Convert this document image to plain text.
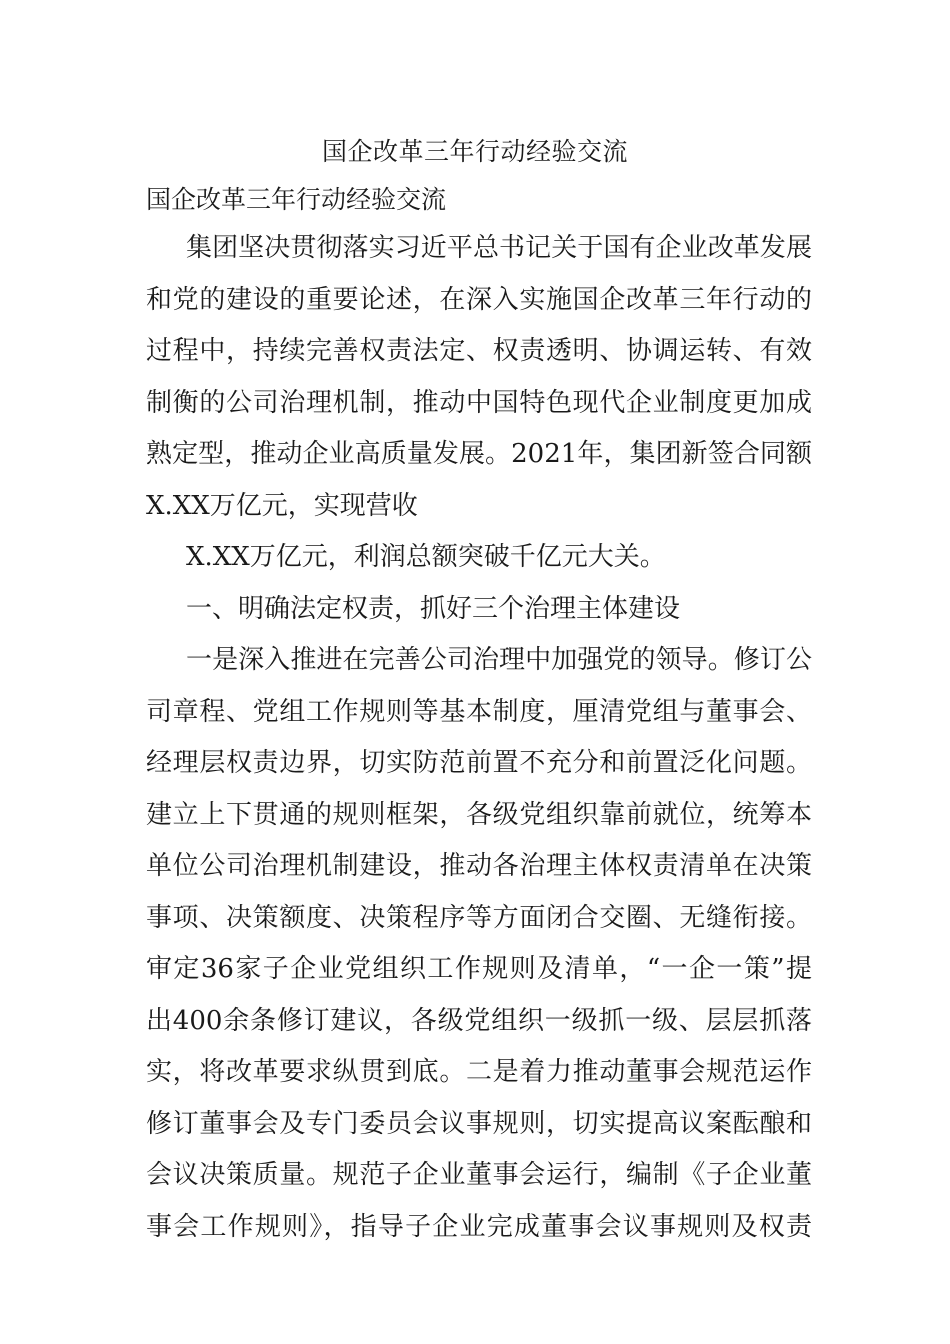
国企改革三年行动经验交流
国企改革三年行动经验交流
集团坚决贯彻落实习近平总书记关于国有企业改革发展
和党的建设的重要论述，在深入实施国企改革三年行动的
过程中，持续完善权责法定、权责透明、协调运转、有效
制衡的公司治理机制，推动中国特色现代企业制度更加成
熟定型，推动企业高质量发展。2021年，集团新签合同额
X.XX万亿元，实现营收
X.XX万亿元，利润总额突破千亿元大关。
一、明确法定权责，抓好三个治理主体建设
一是深入推进在完善公司治理中加强党的领导。修订公
司章程、党组工作规则等基本制度，厘清党组与董事会、
经理层权责边界，切实防范前置不充分和前置泛化问题。
建立上下贯通的规则框架，各级党组织靠前就位，统筹本
单位公司治理机制建设，推动各治理主体权责清单在决策
事项、决策额度、决策程序等方面闭合交圈、无缝衔接。
审定36家子企业党组织工作规则及清单，“一企一策”提
出400余条修订建议，各级党组织一级抓一级、层层抓落
实，将改革要求纵贯到底。二是着力推动董事会规范运作
修订董事会及专门委员会议事规则，切实提高议案酝酿和
会议决策质量。规范子企业董事会运行，编制《子企业董
事会工作规则》，指导子企业完成董事会议事规则及权责
